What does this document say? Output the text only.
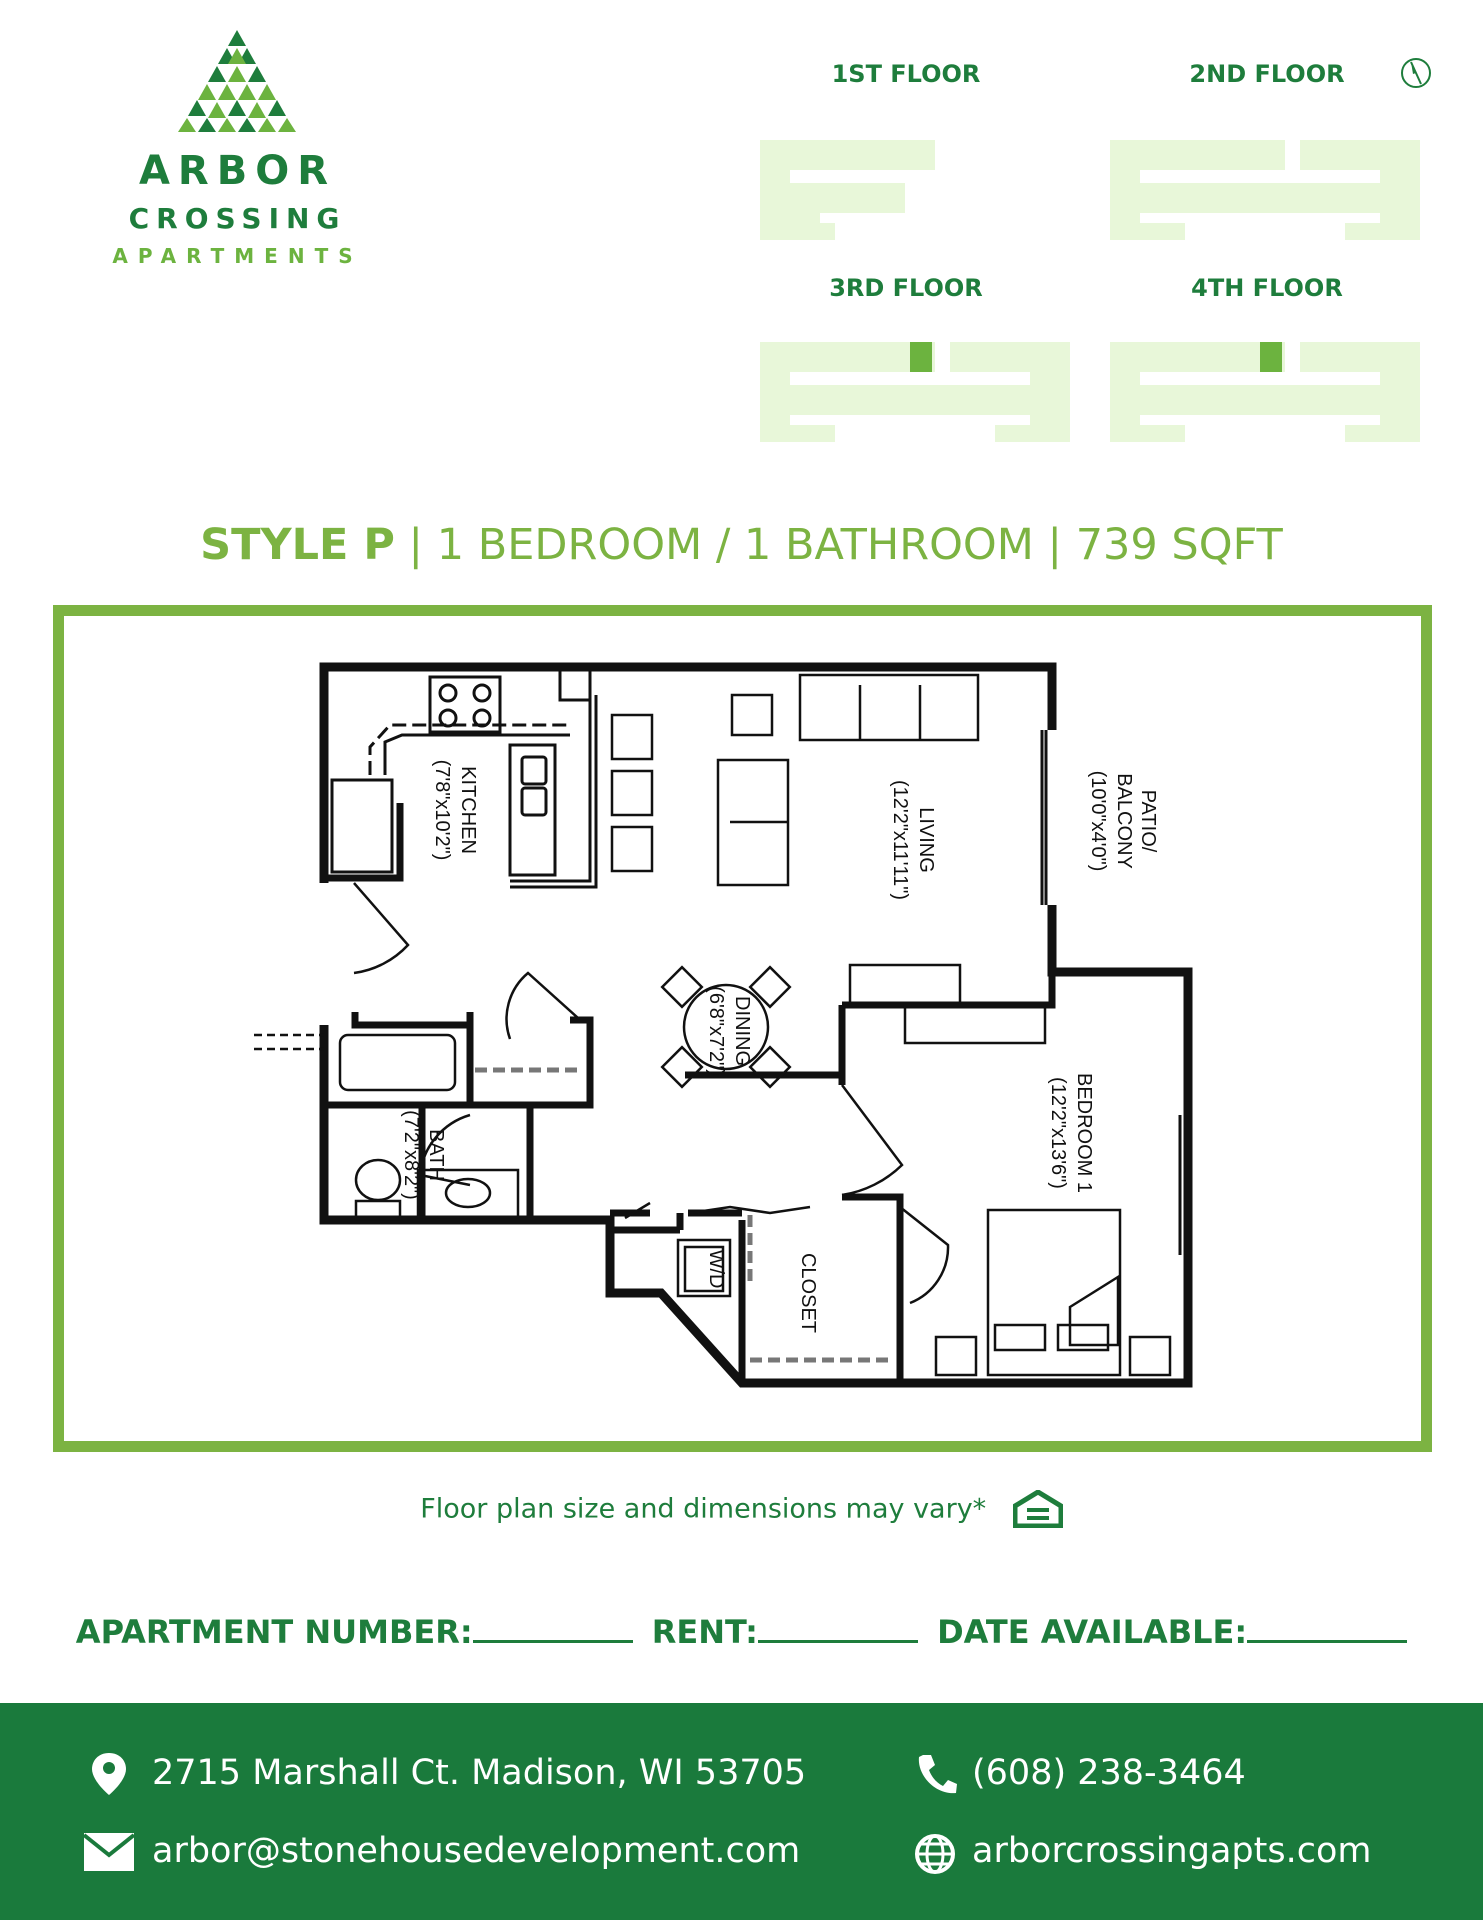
ARBOR
CROSSING
APARTMENTS
1ST FLOOR	2ND FLOOR
3RD FLOOR	4TH FLOOR
STYLE P | 1 BEDROOM / 1 BATHROOM | 739 SQFT
KITCHEN
(7'8"x10'2")	LIVING
(12'2"x11'11")	PATIO/
BALCONY
(10'0"x4'0")
DINING
(6'8"x7'2")
BATH
(7'2"x8'2")	BEDROOM 1
(12'2"x13'6")
CLOSET
W/D
Floor plan size and dimensions may vary*
APARTMENT NUMBER:	RENT:	DATE AVAILABLE:
2715 Marshall Ct. Madison, WI 53705
arbor@stonehousedevelopment.com
(608) 238-3464
arborcrossingapts.com
